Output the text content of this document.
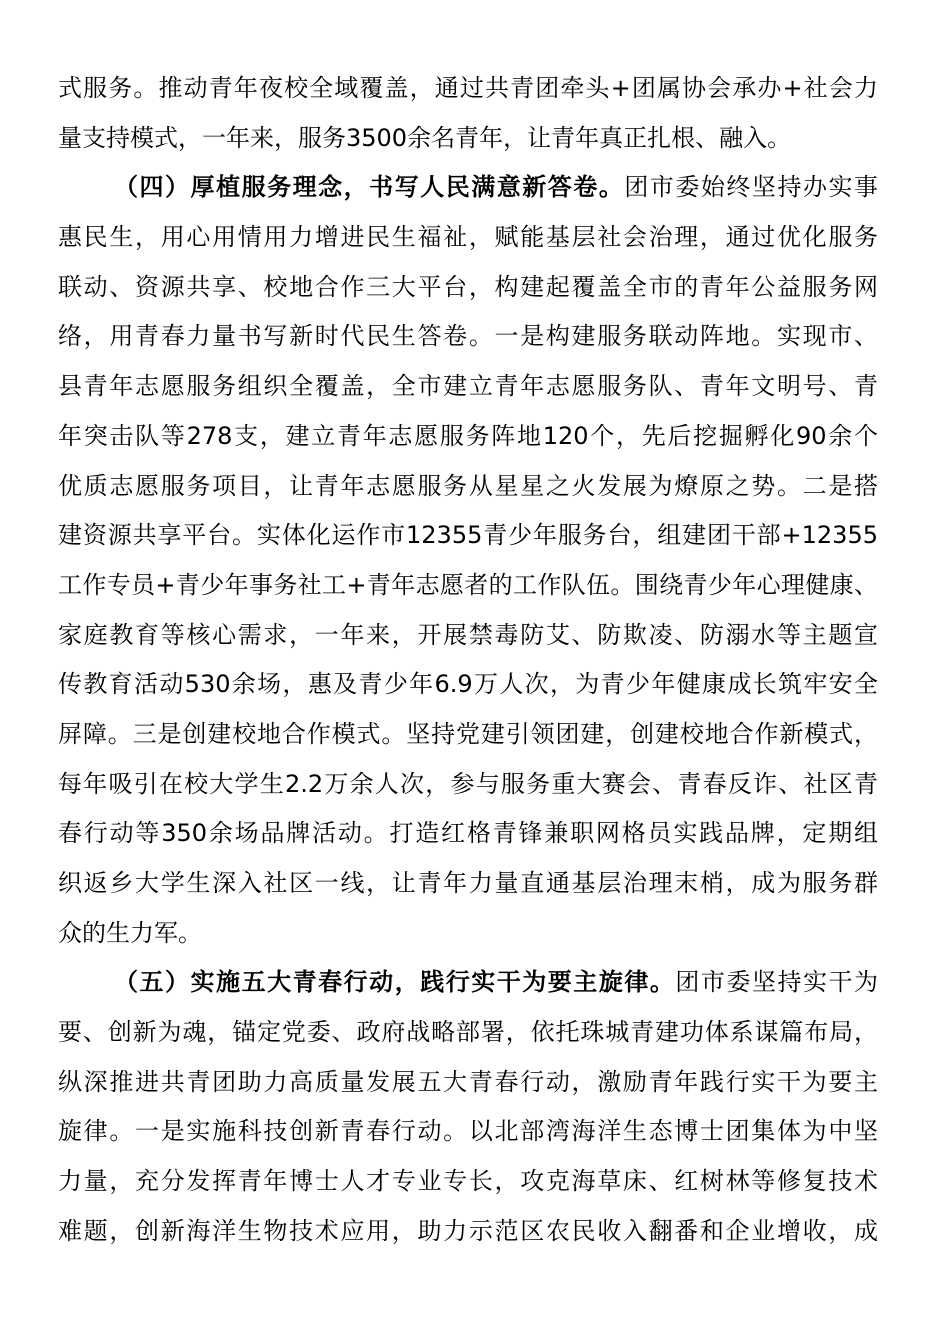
式服务。推动青年夜校全域覆盖，通过共青团牵头+团属协会承办+社会力
量支持模式，一年来，服务3500余名青年，让青年真正扎根、融入。
（四）厚植服务理念，书写人民满意新答卷。团市委始终坚持办实事
惠民生，用心用情用力增进民生福祉，赋能基层社会治理，通过优化服务
联动、资源共享、校地合作三大平台，构建起覆盖全市的青年公益服务网
络，用青春力量书写新时代民生答卷。一是构建服务联动阵地。实现市、
县青年志愿服务组织全覆盖，全市建立青年志愿服务队、青年文明号、青
年突击队等278支，建立青年志愿服务阵地120个，先后挖掘孵化90余个
优质志愿服务项目，让青年志愿服务从星星之火发展为燎原之势。二是搭
建资源共享平台。实体化运作市12355青少年服务台，组建团干部+12355
工作专员+青少年事务社工+青年志愿者的工作队伍。围绕青少年心理健康、
家庭教育等核心需求，一年来，开展禁毒防艾、防欺凌、防溺水等主题宣
传教育活动530余场，惠及青少年6.9万人次，为青少年健康成长筑牢安全
屏障。三是创建校地合作模式。坚持党建引领团建，创建校地合作新模式，
每年吸引在校大学生2.2万余人次，参与服务重大赛会、青春反诈、社区青
春行动等350余场品牌活动。打造红格青锋兼职网格员实践品牌，定期组
织返乡大学生深入社区一线，让青年力量直通基层治理末梢，成为服务群
众的生力军。
（五）实施五大青春行动，践行实干为要主旋律。团市委坚持实干为
要、创新为魂，锚定党委、政府战略部署，依托珠城青建功体系谋篇布局，
纵深推进共青团助力高质量发展五大青春行动，激励青年践行实干为要主
旋律。一是实施科技创新青春行动。以北部湾海洋生态博士团集体为中坚
力量，充分发挥青年博士人才专业专长，攻克海草床、红树林等修复技术
难题，创新海洋生物技术应用，助力示范区农民收入翻番和企业增收，成
